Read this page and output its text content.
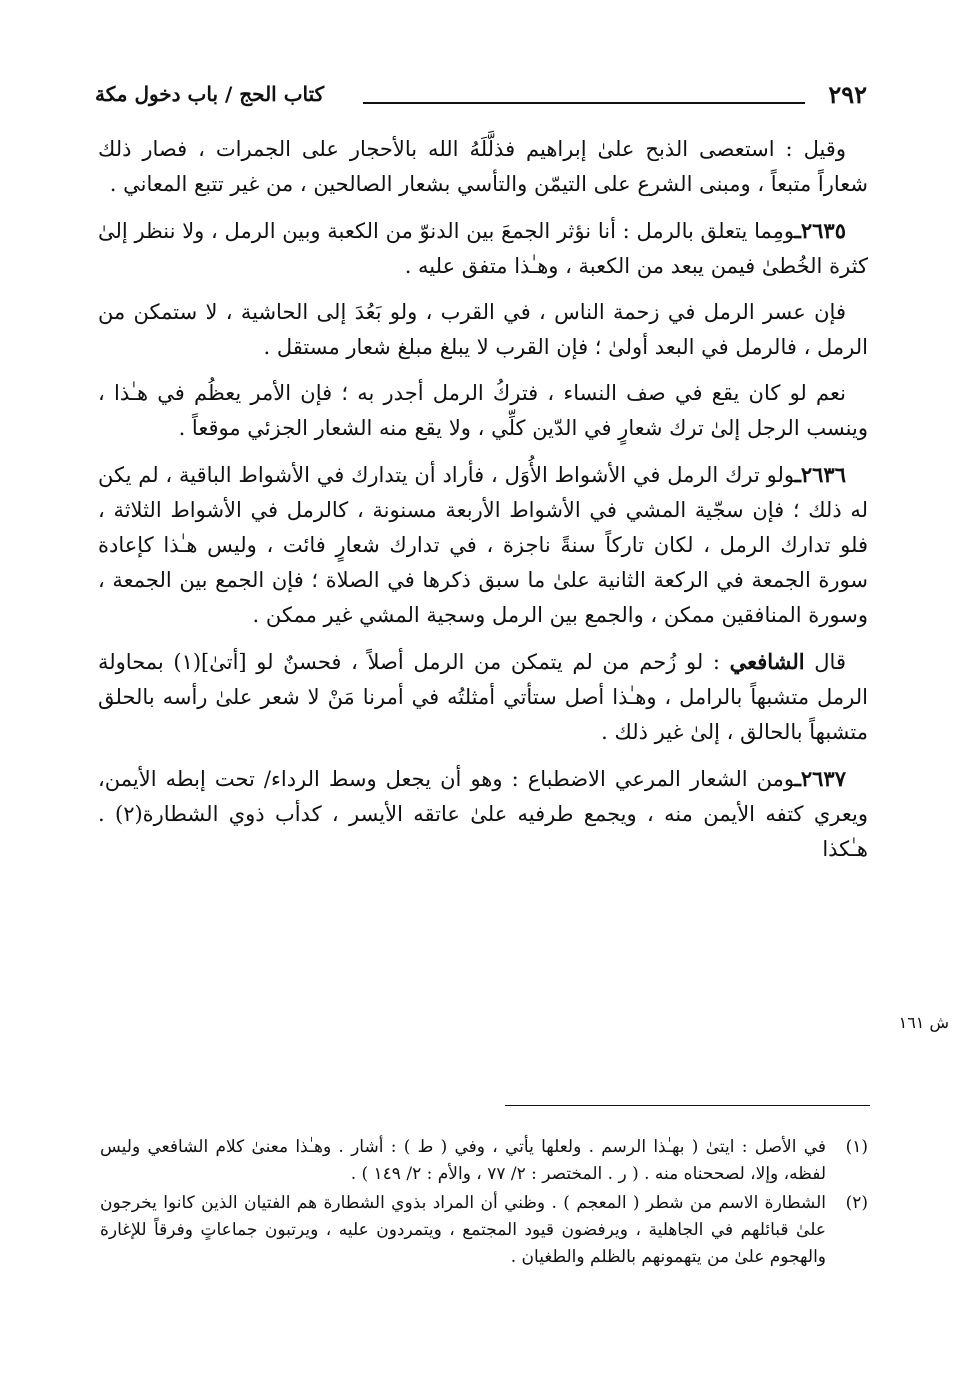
٢٩٢
كتاب الحج / باب دخول مكة

وقيل : استعصى الذبح علىٰ إبراهيم فذلَّلَهُ الله بالأحجار على الجمرات ، فصار ذلك شعاراً متبعاً ، ومبنى الشرع على التيمّن والتأسي بشعار الصالحين ، من غير تتبع المعاني .

٢٦٣٥ـومِما يتعلق بالرمل : أنا نؤثر الجمعَ بين الدنوّ من الكعبة وبين الرمل ، ولا ننظر إلىٰ كثرة الخُطىٰ فيمن يبعد من الكعبة ، وهـٰذا متفق عليه .

فإن عسر الرمل في زحمة الناس ، في القرب ، ولو بَعُدَ إلى الحاشية ، لا ستمكن من الرمل ، فالرمل في البعد أولىٰ ؛ فإن القرب لا يبلغ مبلغ شعار مستقل .

نعم لو كان يقع في صف النساء ، فتركُ الرمل أجدر به ؛ فإن الأمر يعظُم في هـٰذا ، وينسب الرجل إلىٰ ترك شعارٍ في الدّين كلِّي ، ولا يقع منه الشعار الجزئي موقعاً .

٢٦٣٦ـولو ترك الرمل في الأشواط الأُوَل ، فأراد أن يتدارك في الأشواط الباقية ، لم يكن له ذلك ؛ فإن سجّية المشي في الأشواط الأربعة مسنونة ، كالرمل في الأشواط الثلاثة ، فلو تدارك الرمل ، لكان تاركاً سنةً ناجزة ، في تدارك شعارٍ فائت ، وليس هـٰذا كإعادة سورة الجمعة في الركعة الثانية علىٰ ما سبق ذكرها في الصلاة ؛ فإن الجمع بين الجمعة ، وسورة المنافقين ممكن ، والجمع بين الرمل وسجية المشي غير ممكن .

قال الشافعي : لو زُحم من لم يتمكن من الرمل أصلاً ، فحسنٌ لو [أتىٰ](١) بمحاولة الرمل متشبهاً بالرامل ، وهـٰذا أصل ستأتي أمثلتُه في أمرنا مَنْ لا شعر علىٰ رأسه بالحلق متشبهاً بالحالق ، إلىٰ غير ذلك .

٢٦٣٧ـومن الشعار المرعي الاضطباع : وهو أن يجعل وسط الرداء/ تحت إبطه الأيمن، ويعري كتفه الأيمن منه ، ويجمع طرفيه علىٰ عاتقه الأيسر ، كدأب ذوي الشطارة(٢) . هـٰكذا

ش ١٦١
(١)
في الأصل : ايتىٰ ( بهـٰذا الرسم . ولعلها يأتي ، وفي ( ط ) : أشار . وهـٰذا معنىٰ كلام الشافعي وليس لفظه، وإلا، لصححناه منه . ( ر . المختصر : ٢/ ٧٧ ، والأم : ٢/ ١٤٩ ) .
(٢)
الشطارة الاسم من شطر ( المعجم ) . وظني أن المراد بذوي الشطارة هم الفتيان الذين كانوا يخرجون علىٰ قبائلهم في الجاهلية ، ويرفضون قيود المجتمع ، ويتمردون عليه ، ويرتبون جماعاتٍ وفرقاً للإغارة والهجوم علىٰ من يتهمونهم بالظلم والطغيان .
